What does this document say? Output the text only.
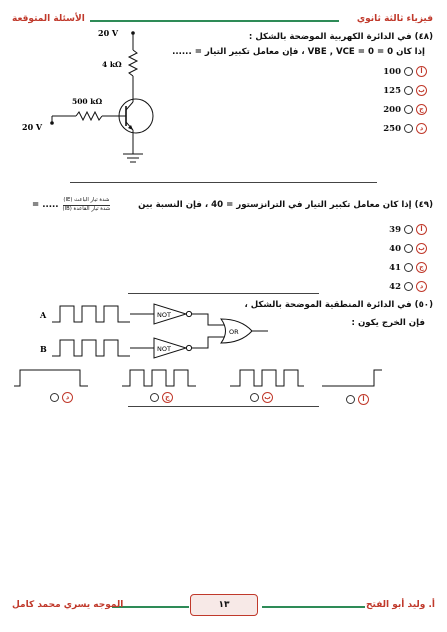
فيزياء ثالثة ثانوي
الأسئلة المتوقعة
(٤٨) في الدائرة الكهربية الموضحة بالشكل :
إذا كان 0 = VBE , VCE = 0 ، فإن معامل تكبير التيار = ......
20 V
4 kΩ
500 kΩ
20 V
100	أ
125	ب
200	ج
250	د
(٤٩)
إذا كان معامل تكبير التيار في الترانزستور = 40 ، فإن النسبة بين
= ..... $\frac{\text{شدة تيار الباعث (IE)}}{\text{شدة تيار القاعدة (IB)}}$
39	أ
40	ب
41	ج
42	د
(٥٠) في الدائرة المنطقية الموضحة بالشكل ،
فإن الخرج يكون :
A
B
NOT
NOT
OR
د	ج	ب	أ
أ. وليد أبو الفتح
١٣
الموجه يسري محمد كامل
